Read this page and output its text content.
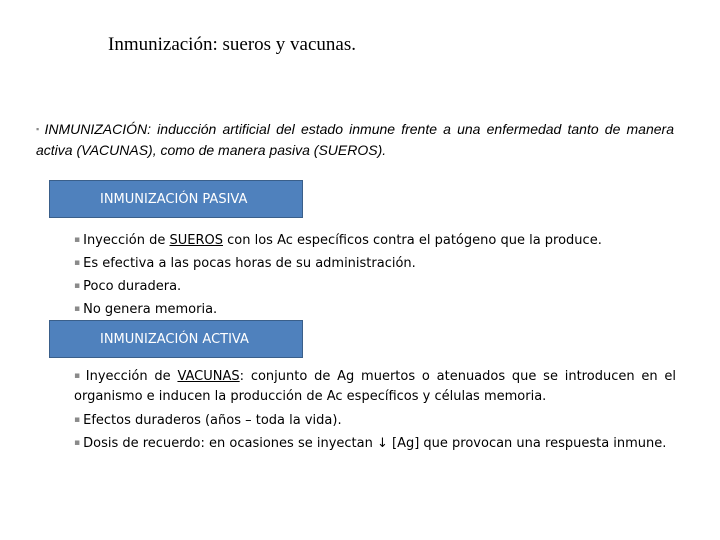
Inmunización: sueros y vacunas.
▪ INMUNIZACIÓN: inducción artificial del estado inmune frente a una enfermedad tanto de manera activa (VACUNAS), como de manera pasiva (SUEROS).
INMUNIZACIÓN PASIVA
▪ Inyección de SUEROS con los Ac específicos contra el patógeno que la produce.
▪ Es efectiva a las pocas horas de su administración.
▪ Poco duradera.
▪ No genera memoria.
INMUNIZACIÓN ACTIVA
▪ Inyección de VACUNAS: conjunto de Ag muertos o atenuados que se introducen en el organismo e inducen la producción de Ac específicos y células memoria.
▪ Efectos duraderos (años – toda la vida).
▪ Dosis de recuerdo: en ocasiones se inyectan ↓ [Ag] que provocan una respuesta inmune.
